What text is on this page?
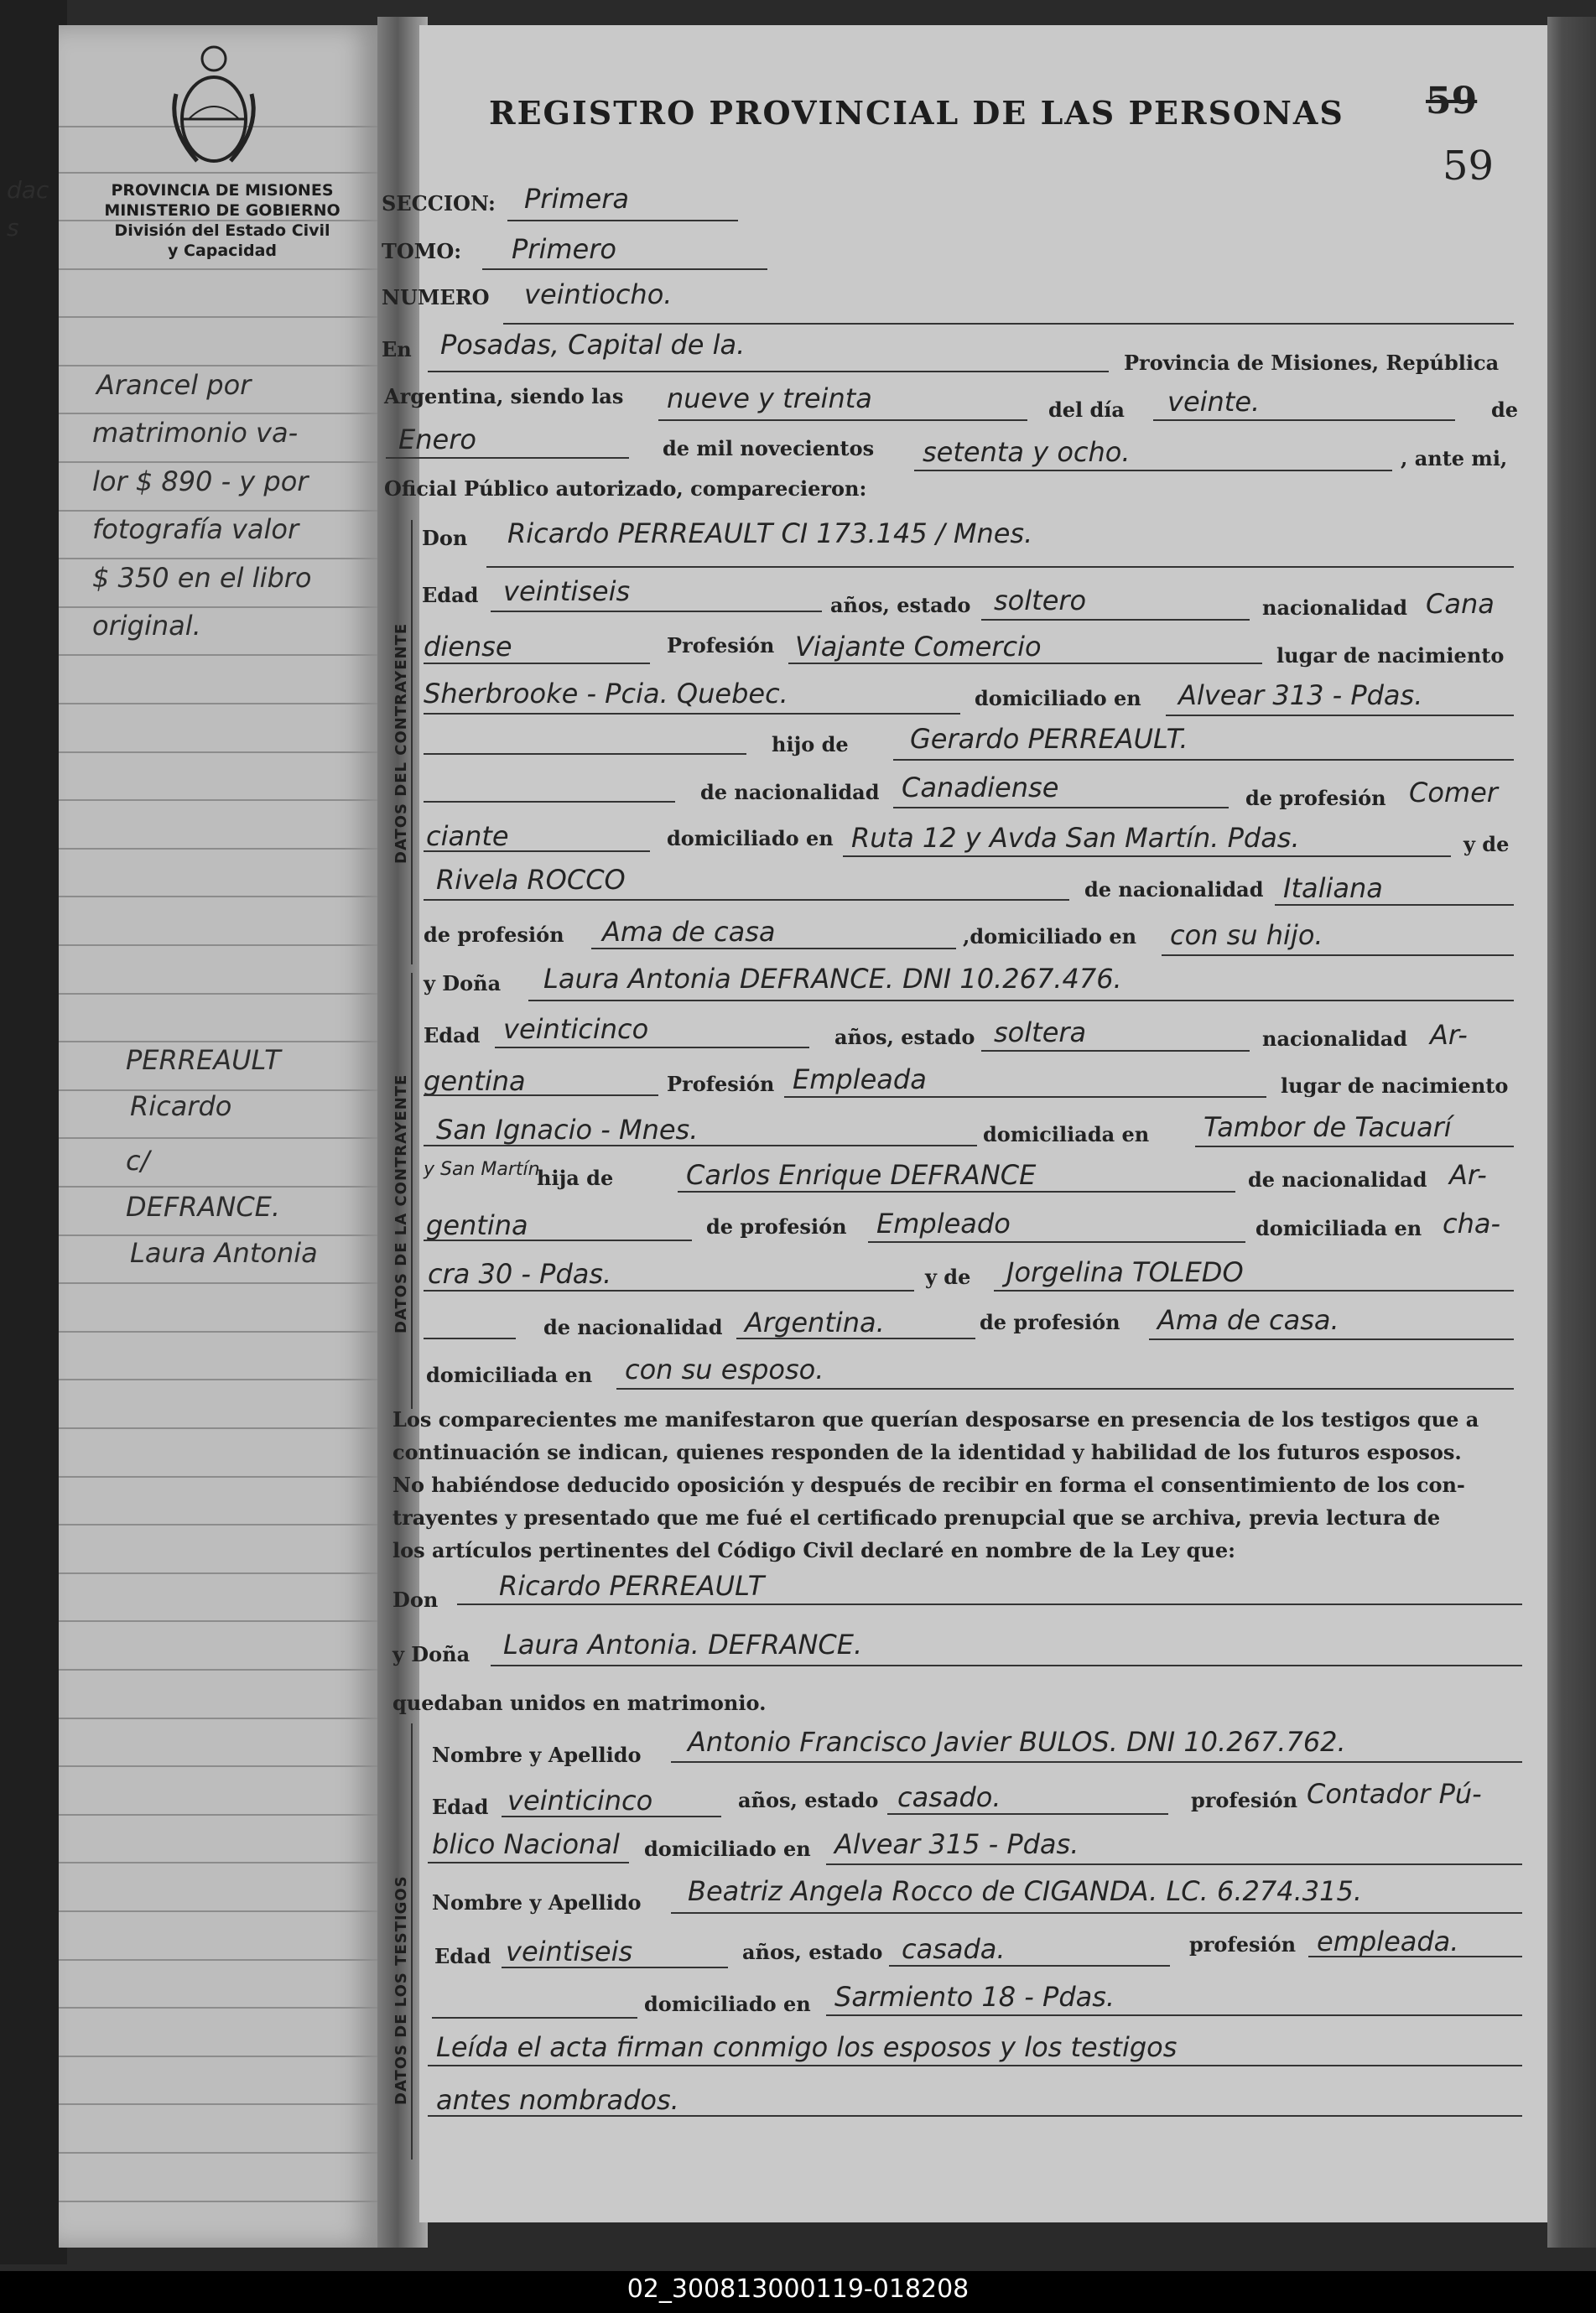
dac
s
Arancel por
matrimonio va-
lor $ 890 - y por
fotografía valor
$ 350 en el libro
original.
PERREAULT
Ricardo
c/
DEFRANCE.
Laura Antonia
PROVINCIA DE MISIONES
MINISTERIO DE GOBIERNO
División del Estado Civil
y Capacidad
REGISTRO PROVINCIAL DE LAS PERSONAS 59
59
SECCION: Primera
TOMO: Primero
NUMERO veintiocho.
En Posadas, Capital de la.
Provincia de Misiones, República
Argentina, siendo las nueve y treinta	del día veinte.	de
Enero	de mil novecientos setenta y ocho.	, ante mi,
Oficial Público autorizado, comparecieron:
DATOS DEL CONTRAYENTE
Don Ricardo PERREAULT CI 173.145 / Mnes.
Edad veintiseis	años, estado soltero	nacionalidad Cana
diense	Profesión Viajante Comercio	lugar de nacimiento
Sherbrooke - Pcia. Quebec.	domiciliado en Alvear 313 - Pdas.
hijo de Gerardo PERREAULT.
de nacionalidad Canadiense	de profesión Comer
ciante	domiciliado en Ruta 12 y Avda San Martín. Pdas.	y de
Rivela ROCCO	de nacionalidad Italiana
de profesión Ama de casa	,domiciliado en con su hijo.
DATOS DE LA CONTRAYENTE
y Doña Laura Antonia DEFRANCE. DNI 10.267.476.
Edad veinticinco	años, estado soltera	nacionalidad Ar-
gentina	Profesión Empleada	lugar de nacimiento
San Ignacio - Mnes.	domiciliada en Tambor de Tacuarí
y San Martín
hija de	Carlos Enrique DEFRANCE	de nacionalidad Ar-
gentina	de profesión Empleado	domiciliada en cha-
cra 30 - Pdas.	y de Jorgelina TOLEDO
de nacionalidad Argentina.	de profesión Ama de casa.
domiciliada en con su esposo.
Los comparecientes me manifestaron que querían desposarse en presencia de los testigos que a
continuación se indican, quienes responden de la identidad y habilidad de los futuros esposos.
No habiéndose deducido oposición y después de recibir en forma el consentimiento de los con-
trayentes y presentado que me fué el certificado prenupcial que se archiva, previa lectura de
los artículos pertinentes del Código Civil declaré en nombre de la Ley que:
Don Ricardo PERREAULT
y Doña Laura Antonia. DEFRANCE.
quedaban unidos en matrimonio.
DATOS DE LOS TESTIGOS
Nombre y Apellido Antonio Francisco Javier BULOS. DNI 10.267.762.
Edad veinticinco	años, estado casado.	profesión Contador Pú-
blico Nacional domiciliado en Alvear 315 - Pdas.
Nombre y Apellido Beatriz Angela Rocco de CIGANDA. LC. 6.274.315.
Edad veintiseis	años, estado casada.	profesión empleada.
domiciliado en Sarmiento 18 - Pdas.
Leída el acta firman conmigo los esposos y los testigos
antes nombrados.
02_300813000119-018208
